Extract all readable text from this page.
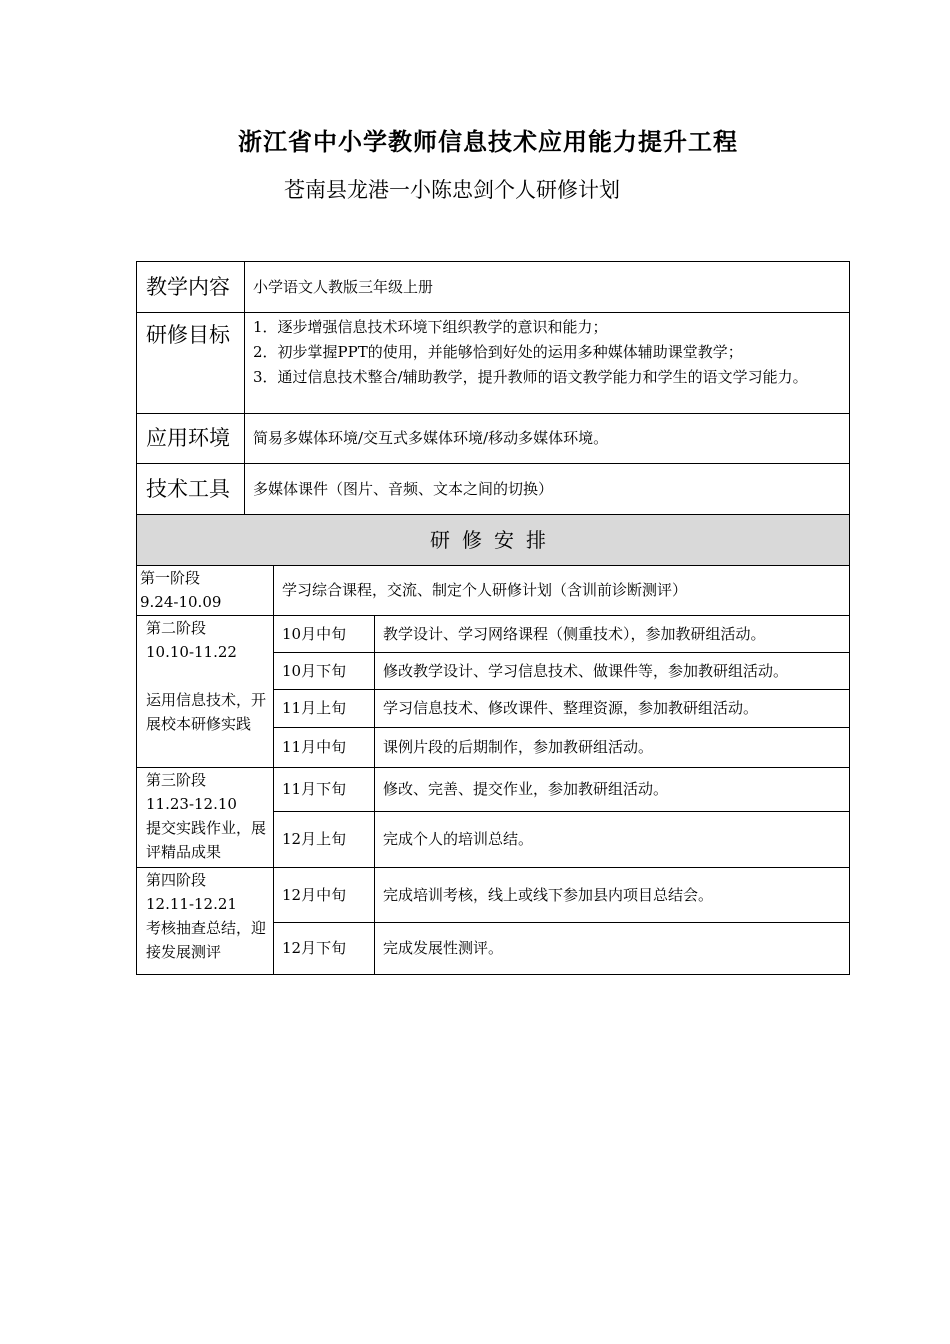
浙江省中小学教师信息技术应用能力提升工程
苍南县龙港一小陈忠剑个人研修计划
教学内容	小学语文人教版三年级上册		
研修目标	1．逐步增强信息技术环境下组织教学的意识和能力；
2．初步掌握PPT的使用，并能够恰到好处的运用多种媒体辅助课堂教学；
3．通过信息技术整合/辅助教学，提升教师的语文教学能力和学生的语文学习能力。		

应用环境	简易多媒体环境/交互式多媒体环境/移动多媒体环境。		
技术工具	多媒体课件（图片、音频、文本之间的切换）		
研修安排			

第一阶段
9.24-10.09		学习综合课程，交流、制定个人研修计划（含训前诊断测评）	

第二阶段
10.10-11.22
运用信息技术，开展校本研修实践		10月中旬	教学设计、学习网络课程（侧重技术），参加教研组活动。
		10月下旬	修改教学设计、学习信息技术、做课件等，参加教研组活动。
		11月上旬	学习信息技术、修改课件、整理资源，参加教研组活动。
		11月中旬	课例片段的后期制作，参加教研组活动。

第三阶段
11.23-12.10
提交实践作业，展评精品成果		11月下旬	修改、完善、提交作业，参加教研组活动。
		12月上旬	完成个人的培训总结。

第四阶段
12.11-12.21
考核抽查总结，迎接发展测评		12月中旬	完成培训考核，线上或线下参加县内项目总结会。
		12月下旬	完成发展性测评。
